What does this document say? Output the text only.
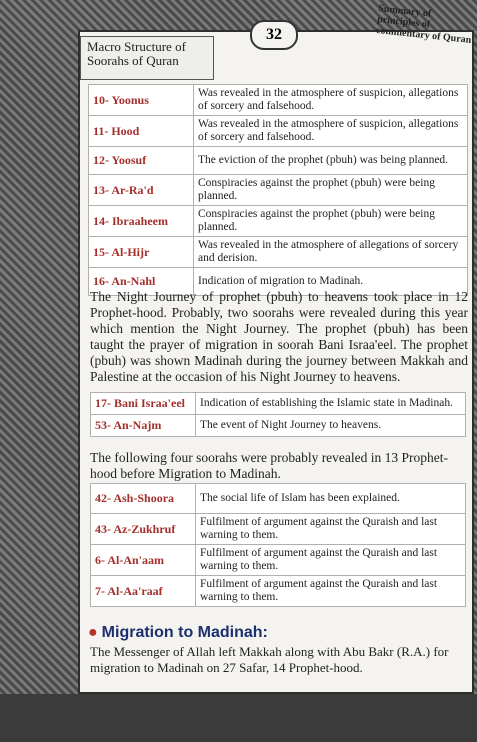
Macro Structure of Soorahs of Quran
32
Summary of principles of commentary of Quran
10- Yoonus	Was revealed in the atmosphere of suspicion, allegations of sorcery and falsehood.
11- Hood	Was revealed in the atmosphere of suspicion, allegations of sorcery and falsehood.
12- Yoosuf	The eviction of the prophet (pbuh) was being planned.
13- Ar-Ra'd	Conspiracies against the prophet (pbuh) were being planned.
14- Ibraaheem	Conspiracies against the prophet (pbuh) were being planned.
15- Al-Hijr	Was revealed in the atmosphere of allegations of sorcery and derision.
16- An-Nahl	Indication of migration to Madinah.
The Night Journey of prophet (pbuh) to heavens took place in 12 Prophet-hood. Probably, two soorahs were revealed during this year which mention the Night Journey. The prophet (pbuh) has been taught the prayer of migration in soorah Bani Israa'eel. The prophet (pbuh) was shown Madinah during the journey between Makkah and Palestine at the occasion of his Night Journey to heavens.
17- Bani Israa'eel	Indication of establishing the Islamic state in Madinah.
53- An-Najm	The event of Night Journey to heavens.
The following four soorahs were probably revealed in 13 Prophet-hood before Migration to Madinah.
42- Ash-Shoora	The social life of Islam has been explained.
43- Az-Zukhruf	Fulfilment of argument against the Quraish and last warning to them.
6- Al-An'aam	Fulfilment of argument against the Quraish and last warning to them.
7- Al-Aa'raaf	Fulfilment of argument against the Quraish and last warning to them.
● Migration to Madinah:
The Messenger of Allah left Makkah along with Abu Bakr (R.A.) for migration to Madinah on 27 Safar, 14 Prophet-hood.
